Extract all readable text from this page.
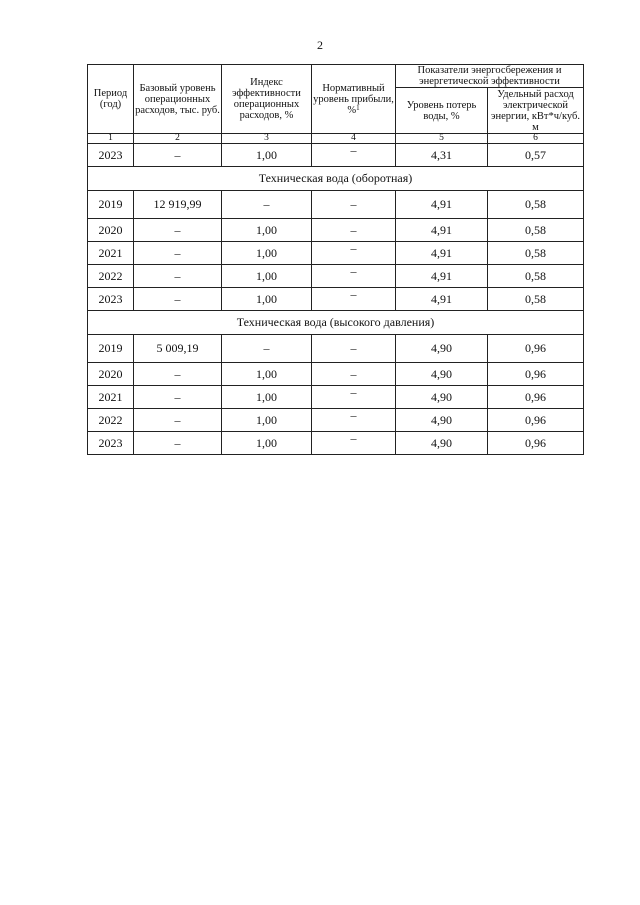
2
Период (год)	Базовый уровень операционных расходов, тыс. руб.	Индекс эффективности операционных расходов, %	Нормативный уровень прибыли, %$^1$	Показатели энергосбережения и энергетической эффективности	
				Уровень потерь воды, %	Удельный расход электрической энергии, кВт*ч/куб. м
1	2	3	4	5	6
2023	–	1,00	–	4,31	0,57
Техническая вода (оборотная)					
2019	12 919,99	–	–	4,91	0,58
2020	–	1,00	–	4,91	0,58
2021	–	1,00	–	4,91	0,58
2022	–	1,00	–	4,91	0,58
2023	–	1,00	–	4,91	0,58
Техническая вода (высокого давления)					
2019	5 009,19	–	–	4,90	0,96
2020	–	1,00	–	4,90	0,96
2021	–	1,00	–	4,90	0,96
2022	–	1,00	–	4,90	0,96
2023	–	1,00	–	4,90	0,96
